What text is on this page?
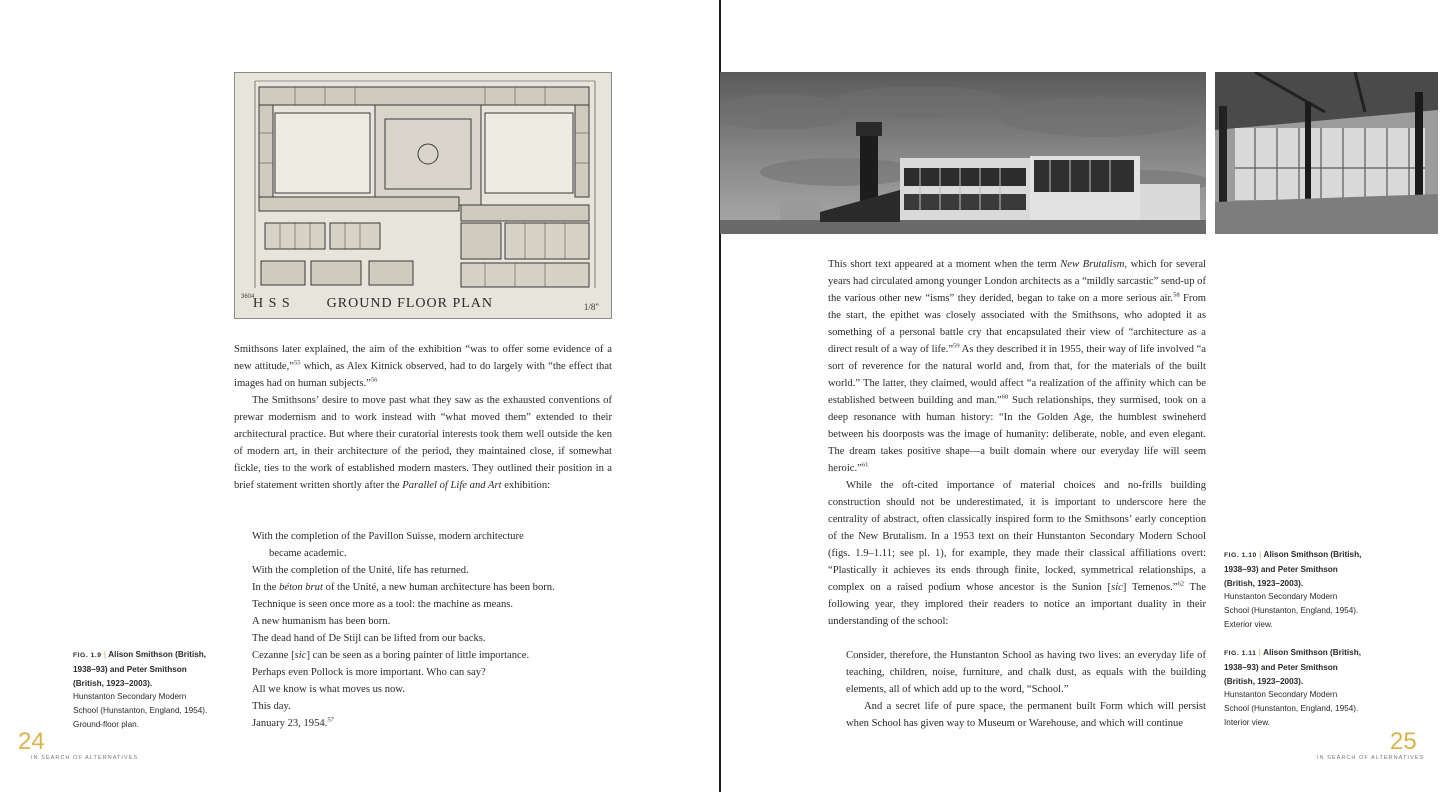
3604
H S S        GROUND FLOOR PLAN	1/8"

Smithsons later explained, the aim of the exhibition “was to offer some evidence of a new attitude,”$^{55}$ which, as Alex Kitnick observed, had to do largely with “the effect that images had on human subjects.”$^{56}$

The Smithsons’ desire to move past what they saw as the exhausted conventions of prewar modernism and to work instead with “what moved them” extended to their architectural practice. But where their curatorial interests took them well outside the ken of modern art, in their architecture of the period, they maintained close, if somewhat fickle, ties to the work of established modern masters. They outlined their position in a brief statement written shortly after the Parallel of Life and Art exhibition:

With the completion of the Pavillon Suisse, modern architecture
became academic.
With the completion of the Unité, life has returned.
In the béton brut of the Unité, a new human architecture has been born.
Technique is seen once more as a tool: the machine as means.
A new humanism has been born.
The dead hand of De Stijl can be lifted from our backs.
Cezanne [sic] can be seen as a boring painter of little importance.
Perhaps even Pollock is more important. Who can say?
All we know is what moves us now.
This day.
January 23, 1954.57
FIG. 1.9 | Alison Smithson (British, 1938–93) and Peter Smithson (British, 1923–2003).
Hunstanton Secondary Modern School (Hunstanton, England, 1954). Ground-floor plan.
24
IN SEARCH OF ALTERNATIVES

This short text appeared at a moment when the term New Brutalism, which for several years had circulated among younger London architects as a “mildly sarcastic” send-up of the various other new “isms” they derided, began to take on a more serious air.$^{58}$ From the start, the epithet was closely associated with the Smithsons, who adopted it as something of a personal battle cry that encapsulated their view of “architecture as a direct result of a way of life.”$^{59}$ As they described it in 1955, their way of life involved “a sort of reverence for the natural world and, from that, for the materials of the built world.” The latter, they claimed, would affect “a realization of the affinity which can be established between building and man.”$^{60}$ Such relationships, they surmised, took on a deep resonance with human history: “In the Golden Age, the humblest swineherd between his doorposts was the image of humanity: deliberate, noble, and even elegant. The dream takes positive shape—a built domain where our everyday life will seem heroic.”$^{61}$

While the oft-cited importance of material choices and no-frills building construction should not be underestimated, it is important to underscore here the centrality of abstract, often classically inspired form to the Smithsons’ early conception of the New Brutalism. In a 1953 text on their Hunstanton Secondary Modern School (figs. 1.9–1.11; see pl. 1), for example, they made their classical affiliations overt: “Plastically it achieves its ends through finite, locked, symmetrical relationships, a complex on a raised podium whose ancestor is the Sunion [sic] Temenos.”$^{62}$ The following year, they implored their readers to notice an important duality in their understanding of the school:

Consider, therefore, the Hunstanton School as having two lives: an everyday life of teaching, children, noise, furniture, and chalk dust, as equals with the building elements, all of which add up to the word, “School.”

And a secret life of pure space, the permanent built Form which will persist when School has given way to Museum or Warehouse, and which will continue

FIG. 1.10 | Alison Smithson (British, 1938–93) and Peter Smithson (British, 1923–2003).
Hunstanton Secondary Modern School (Hunstanton, England, 1954). Exterior view.
FIG. 1.11 | Alison Smithson (British, 1938–93) and Peter Smithson (British, 1923–2003).
Hunstanton Secondary Modern School (Hunstanton, England, 1954). Interior view.
25
IN SEARCH OF ALTERNATIVES
